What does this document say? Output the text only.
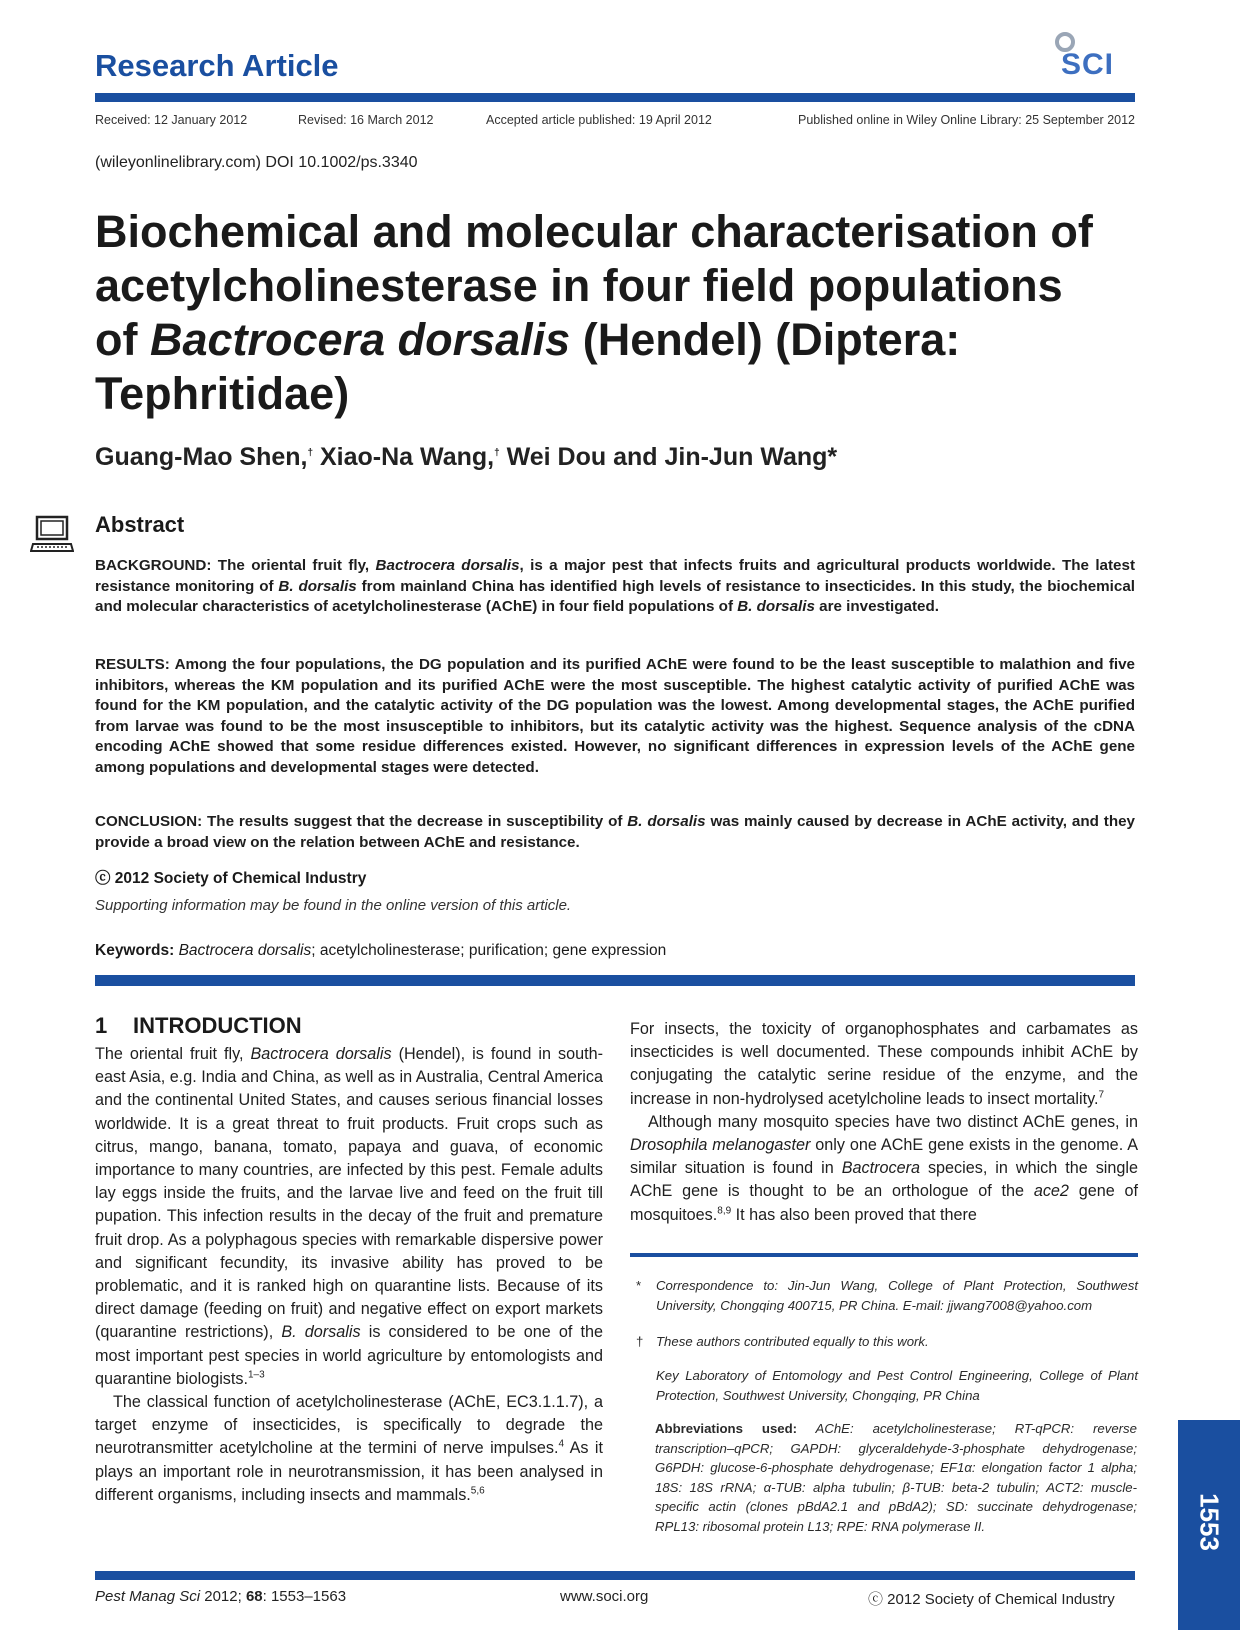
Research Article	SCI
Received: 12 January 2012	Revised: 16 March 2012	Accepted article published: 19 April 2012	Published online in Wiley Online Library: 25 September 2012
(wileyonlinelibrary.com) DOI 10.1002/ps.3340
Biochemical and molecular characterisation of
acetylcholinesterase in four field populations
of Bactrocera dorsalis (Hendel) (Diptera:
Tephritidae)
Guang-Mao Shen,† Xiao-Na Wang,† Wei Dou and Jin-Jun Wang*
Abstract
BACKGROUND: The oriental fruit fly, Bactrocera dorsalis, is a major pest that infects fruits and agricultural products worldwide. The latest resistance monitoring of B. dorsalis from mainland China has identified high levels of resistance to insecticides. In this study, the biochemical and molecular characteristics of acetylcholinesterase (AChE) in four field populations of B. dorsalis are investigated.
RESULTS: Among the four populations, the DG population and its purified AChE were found to be the least susceptible to malathion and five inhibitors, whereas the KM population and its purified AChE were the most susceptible. The highest catalytic activity of purified AChE was found for the KM population, and the catalytic activity of the DG population was the lowest. Among developmental stages, the AChE purified from larvae was found to be the most insusceptible to inhibitors, but its catalytic activity was the highest. Sequence analysis of the cDNA encoding AChE showed that some residue differences existed. However, no significant differences in expression levels of the AChE gene among populations and developmental stages were detected.
CONCLUSION: The results suggest that the decrease in susceptibility of B. dorsalis was mainly caused by decrease in AChE activity, and they provide a broad view on the relation between AChE and resistance.
ⓒ 2012 Society of Chemical Industry
Supporting information may be found in the online version of this article.
Keywords: Bactrocera dorsalis; acetylcholinesterase; purification; gene expression
1 INTRODUCTION

The oriental fruit fly, Bactrocera dorsalis (Hendel), is found in south-east Asia, e.g. India and China, as well as in Australia, Central America and the continental United States, and causes serious financial losses worldwide. It is a great threat to fruit products. Fruit crops such as citrus, mango, banana, tomato, papaya and guava, of economic importance to many countries, are infected by this pest. Female adults lay eggs inside the fruits, and the larvae live and feed on the fruit till pupation. This infection results in the decay of the fruit and premature fruit drop. As a polyphagous species with remarkable dispersive power and significant fecundity, its invasive ability has proved to be problematic, and it is ranked high on quarantine lists. Because of its direct damage (feeding on fruit) and negative effect on export markets (quarantine restrictions), B. dorsalis is considered to be one of the most important pest species in world agriculture by entomologists and quarantine biologists.$^{1-3}$

The classical function of acetylcholinesterase (AChE, EC3.1.1.7), a target enzyme of insecticides, is specifically to degrade the neurotransmitter acetylcholine at the termini of nerve impulses.$^4$ As it plays an important role in neurotransmission, it has been analysed in different organisms, including insects and mammals.$^{5,6}$

For insects, the toxicity of organophosphates and carbamates as insecticides is well documented. These compounds inhibit AChE by conjugating the catalytic serine residue of the enzyme, and the increase in non-hydrolysed acetylcholine leads to insect mortality.$^7$

Although many mosquito species have two distinct AChE genes, in Drosophila melanogaster only one AChE gene exists in the genome. A similar situation is found in Bactrocera species, in which the single AChE gene is thought to be an orthologue of the ace2 gene of mosquitoes.$^{8,9}$ It has also been proved that there

* Correspondence to: Jin-Jun Wang, College of Plant Protection, Southwest University, Chongqing 400715, PR China. E-mail: jjwang7008@yahoo.com
† These authors contributed equally to this work.
Key Laboratory of Entomology and Pest Control Engineering, College of Plant Protection, Southwest University, Chongqing, PR China
Abbreviations used: AChE: acetylcholinesterase; RT-qPCR: reverse transcription–qPCR; GAPDH: glyceraldehyde-3-phosphate dehydrogenase; G6PDH: glucose-6-phosphate dehydrogenase; EF1α: elongation factor 1 alpha; 18S: 18S rRNA; α-TUB: alpha tubulin; β-TUB: beta-2 tubulin; ACT2: muscle-specific actin (clones pBdA2.1 and pBdA2); SD: succinate dehydrogenase; RPL13: ribosomal protein L13; RPE: RNA polymerase II.	1553
Pest Manag Sci 2012; 68: 1553–1563	www.soci.org	ⓒ 2012 Society of Chemical Industry
